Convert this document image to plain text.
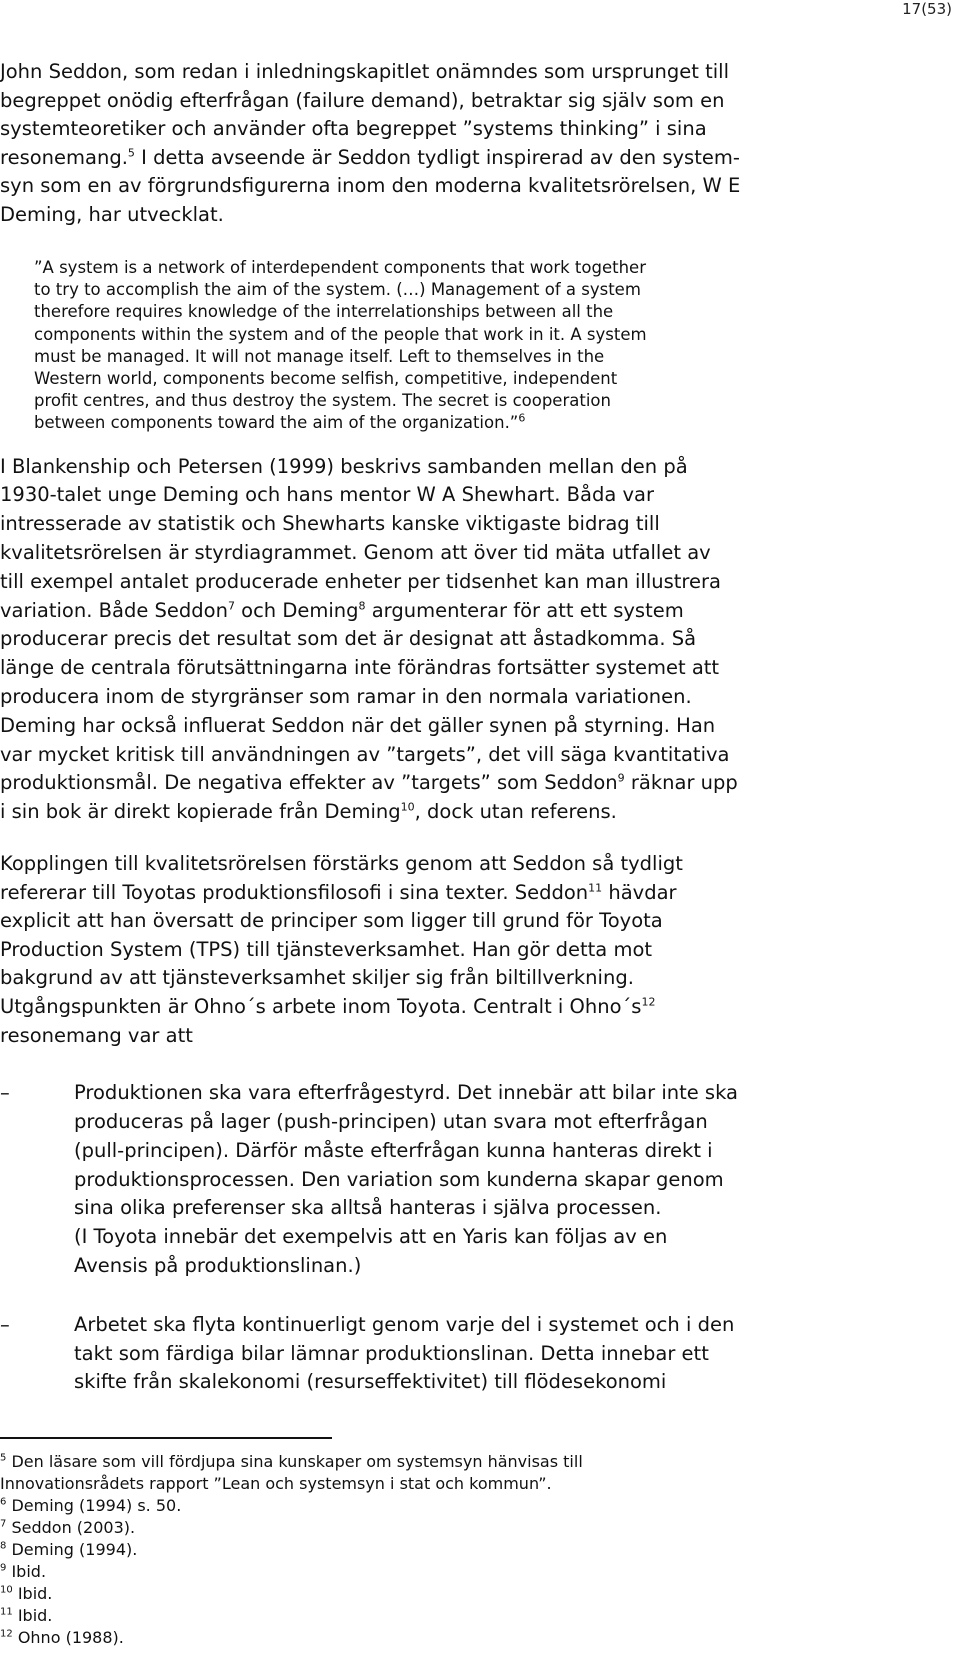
17(53)

John Seddon, som redan i inledningskapitlet onämndes som ursprunget till
begreppet onödig efterfrågan (failure demand), betraktar sig själv som en
systemteoretiker och använder ofta begreppet ”systems thinking” i sina
resonemang.$^5$ I detta avseende är Seddon tydligt inspirerad av den system-
syn som en av förgrundsfigurerna inom den moderna kvalitetsrörelsen, W E
Deming, har utvecklat.

”A system is a network of interdependent components that work together
to try to accomplish the aim of the system. (…) Management of a system
therefore requires knowledge of the interrelationships between all the
components within the system and of the people that work in it. A system
must be managed. It will not manage itself. Left to themselves in the
Western world, components become selfish, competitive, independent
profit centres, and thus destroy the system. The secret is cooperation
between components toward the aim of the organization.”$^6$

I Blankenship och Petersen (1999) beskrivs sambanden mellan den på
1930-talet unge Deming och hans mentor W A Shewhart. Båda var
intresserade av statistik och Shewharts kanske viktigaste bidrag till
kvalitetsrörelsen är styrdiagrammet. Genom att över tid mäta utfallet av
till exempel antalet producerade enheter per tidsenhet kan man illustrera
variation. Både Seddon$^7$ och Deming$^8$ argumenterar för att ett system
producerar precis det resultat som det är designat att åstadkomma. Så
länge de centrala förutsättningarna inte förändras fortsätter systemet att
producera inom de styrgränser som ramar in den normala variationen.
Deming har också influerat Seddon när det gäller synen på styrning. Han
var mycket kritisk till användningen av ”targets”, det vill säga kvantitativa
produktionsmål. De negativa effekter av ”targets” som Seddon$^9$ räknar upp
i sin bok är direkt kopierade från Deming$^{10}$, dock utan referens.

Kopplingen till kvalitetsrörelsen förstärks genom att Seddon så tydligt
refererar till Toyotas produktionsfilosofi i sina texter. Seddon$^{11}$ hävdar
explicit att han översatt de principer som ligger till grund för Toyota
Production System (TPS) till tjänsteverksamhet. Han gör detta mot
bakgrund av att tjänsteverksamhet skiljer sig från biltillverkning.
Utgångspunkten är Ohno´s arbete inom Toyota. Centralt i $Ohno´s^{12}$
resonemang var att

–	Produktionen ska vara efterfrågestyrd. Det innebär att bilar inte ska
produceras på lager (push-principen) utan svara mot efterfrågan
(pull-principen). Därför måste efterfrågan kunna hanteras direkt i
produktionsprocessen. Den variation som kunderna skapar genom
sina olika preferenser ska alltså hanteras i själva processen.
(I Toyota innebär det exempelvis att en Yaris kan följas av en
Avensis på produktionslinan.)
–	Arbetet ska flyta kontinuerligt genom varje del i systemet och i den
takt som färdiga bilar lämnar produktionslinan. Detta innebar ett
skifte från skalekonomi (resurseffektivitet) till flödesekonomi

$^5$ Den läsare som vill fördjupa sina kunskaper om systemsyn hänvisas till
Innovationsrådets rapport ”Lean och systemsyn i stat och kommun”.

$^6$ Deming (1994) s. 50.

$^7$ Seddon (2003).

$^8$ Deming (1994).

$^9$ Ibid.

$^{10}$ Ibid.

$^{11}$ Ibid.

$^{12}$ Ohno (1988).
